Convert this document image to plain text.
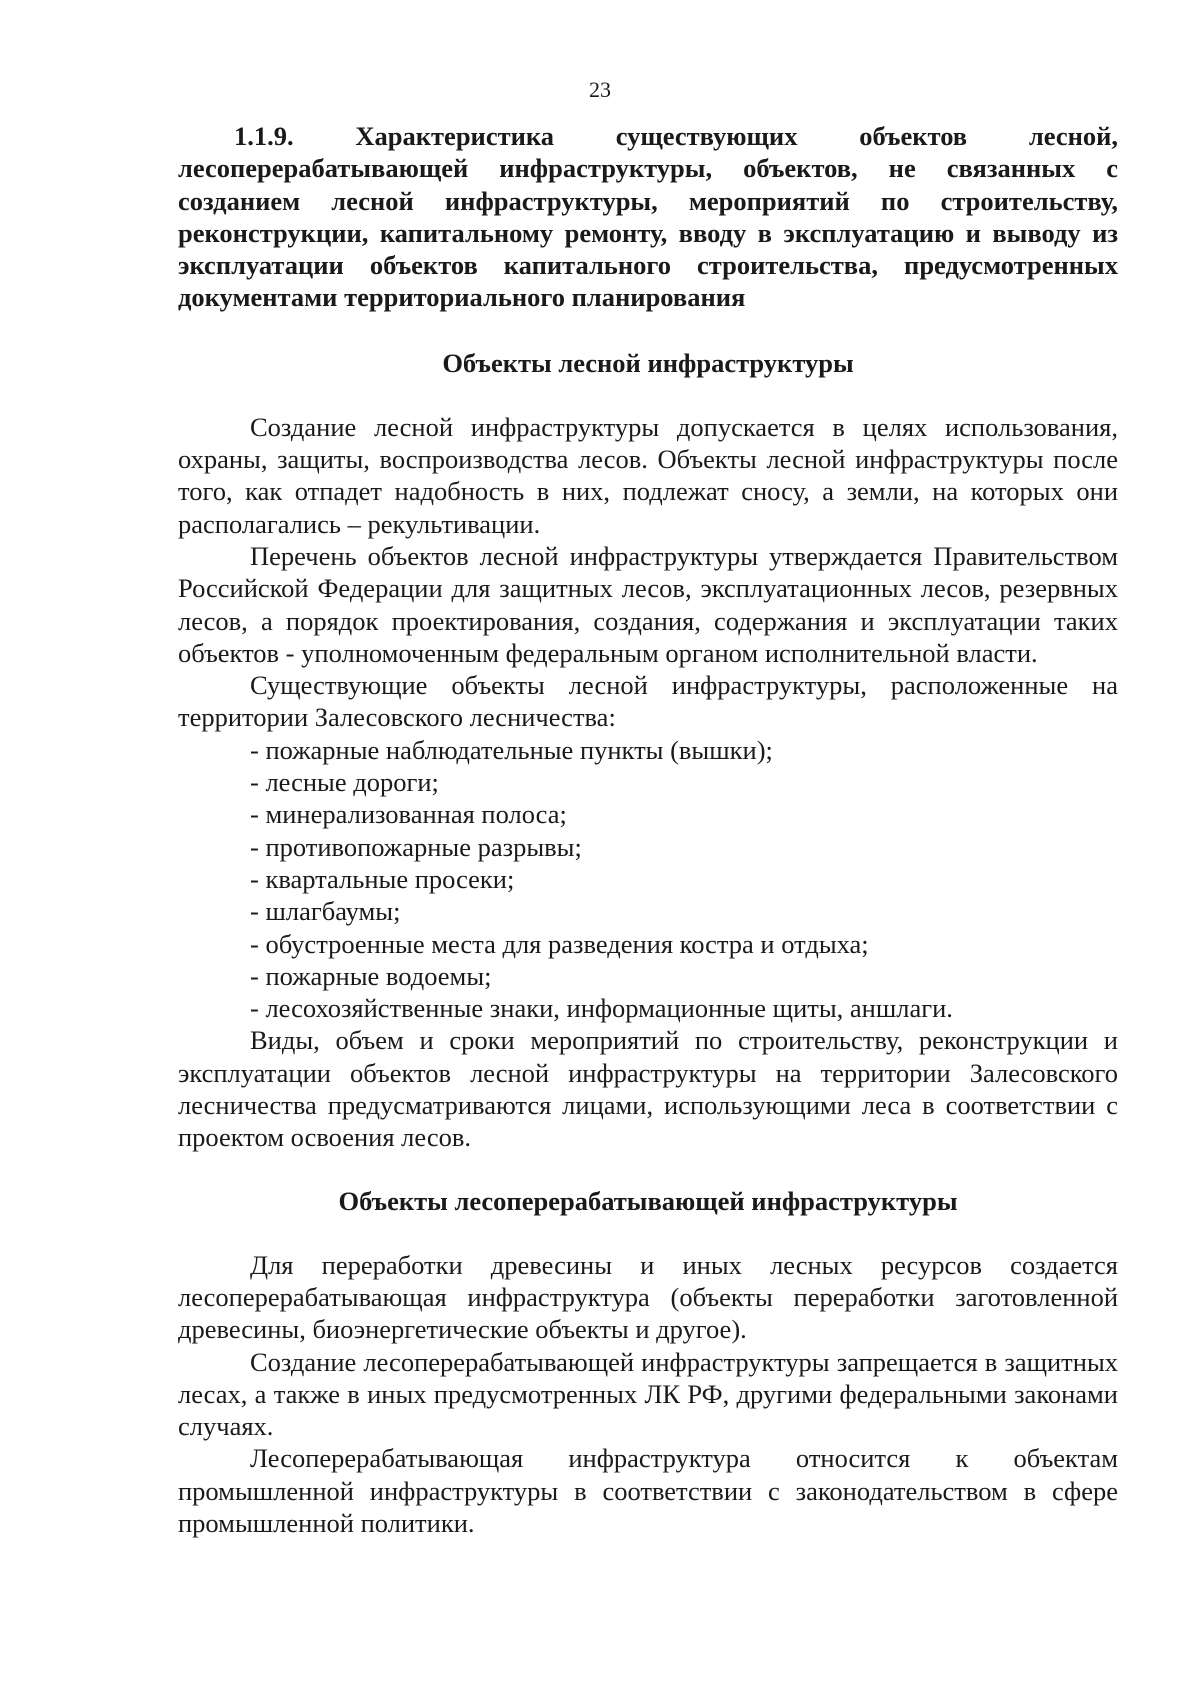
23
1.1.9. Характеристика существующих объектов лесной, лесоперерабатывающей инфраструктуры, объектов, не связанных с созданием лесной инфраструктуры, мероприятий по строительству, реконструкции, капитальному ремонту, вводу в эксплуатацию и выводу из эксплуатации объектов капитального строительства, предусмотренных документами территориального планирования
Объекты лесной инфраструктуры

Создание лесной инфраструктуры допускается в целях использования, охраны, защиты, воспроизводства лесов. Объекты лесной инфраструктуры после того, как отпадет надобность в них, подлежат сносу, а земли, на которых они располагались – рекультивации.

Перечень объектов лесной инфраструктуры утверждается Правительством Российской Федерации для защитных лесов, эксплуатационных лесов, резервных лесов, а порядок проектирования, создания, содержания и эксплуатации таких объектов - уполномоченным федеральным органом исполнительной власти.

Существующие объекты лесной инфраструктуры, расположенные на территории Залесовского лесничества:

- пожарные наблюдательные пункты (вышки);
- лесные дороги;
- минерализованная полоса;
- противопожарные разрывы;
- квартальные просеки;
- шлагбаумы;
- обустроенные места для разведения костра и отдыха;
- пожарные водоемы;
- лесохозяйственные знаки, информационные щиты, аншлаги.

Виды, объем и сроки мероприятий по строительству, реконструкции и эксплуатации объектов лесной инфраструктуры на территории Залесовского лесничества предусматриваются лицами, использующими леса в соответствии с проектом освоения лесов.

Объекты лесоперерабатывающей инфраструктуры

Для переработки древесины и иных лесных ресурсов создается лесоперерабатывающая инфраструктура (объекты переработки заготовленной древесины, биоэнергетические объекты и другое).

Создание лесоперерабатывающей инфраструктуры запрещается в защитных лесах, а также в иных предусмотренных ЛК РФ, другими федеральными законами случаях.

Лесоперерабатывающая инфраструктура относится к объектам промышленной инфраструктуры в соответствии с законодательством в сфере промышленной политики.
